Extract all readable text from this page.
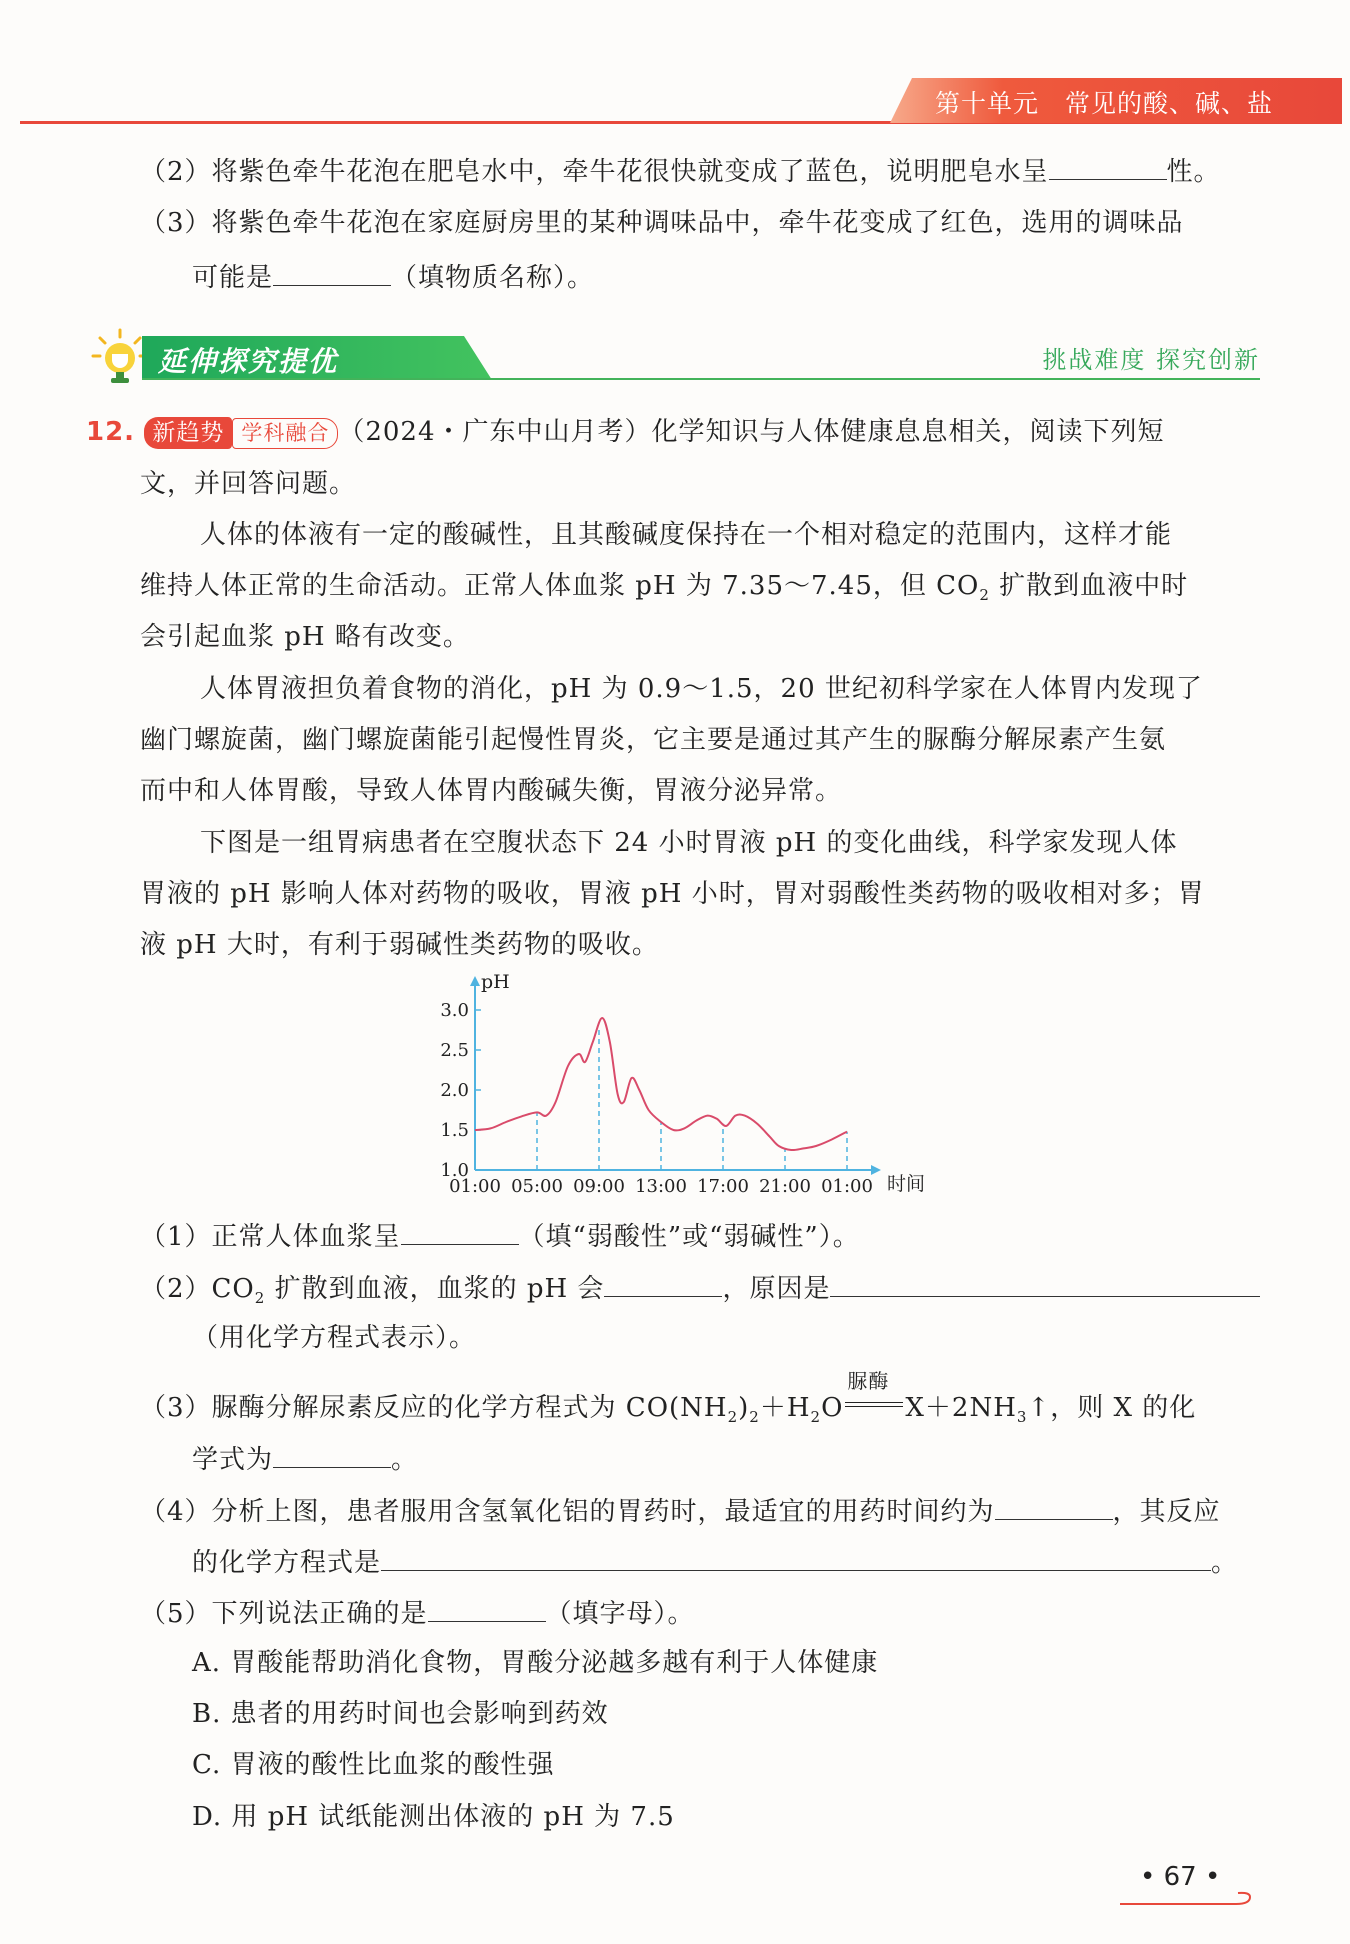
第十单元　常见的酸、碱、盐
（2）将紫色牵牛花泡在肥皂水中，牵牛花很快就变成了蓝色，说明肥皂水呈	性。
（3）将紫色牵牛花泡在家庭厨房里的某种调味品中，牵牛花变成了红色，选用的调味品
可能是	（填物质名称）。
延伸探究提优	挑战难度 探究创新
12. 新趋势 学科融合 （2024・广东中山月考）化学知识与人体健康息息相关，阅读下列短
文，并回答问题。
人体的体液有一定的酸碱性，且其酸碱度保持在一个相对稳定的范围内，这样才能
维持人体正常的生命活动。正常人体血浆 pH 为 7.35～7.45，但 $CO_2$ 扩散到血液中时
会引起血浆 pH 略有改变。
人体胃液担负着食物的消化，pH 为 0.9～1.5，20 世纪初科学家在人体胃内发现了
幽门螺旋菌，幽门螺旋菌能引起慢性胃炎，它主要是通过其产生的脲酶分解尿素产生氨
而中和人体胃酸，导致人体胃内酸碱失衡，胃液分泌异常。
下图是一组胃病患者在空腹状态下 24 小时胃液 pH 的变化曲线，科学家发现人体
胃液的 pH 影响人体对药物的吸收，胃液 pH 小时，胃对弱酸性类药物的吸收相对多；胃
液 pH 大时，有利于弱碱性类药物的吸收。
1.0
1.5
2.0
2.5
3.0
01:00 05:00 09:00 13:00 17:00 21:00 01:00
pH
时间
（1）正常人体血浆呈	（填“弱酸性”或“弱碱性”）。
$(2)CO_2$ 扩散到血液，血浆的 pH 会	，原因是
（用化学方程式表示）。
（3）脲酶分解尿素反应的化学方程式为 $CO(NH_2)_2+H_2O$
脲酶
$X+2NH_3↑$，则 X 的化
学式为	。
（4）分析上图，患者服用含氢氧化铝的胃药时，最适宜的用药时间约为	，其反应
的化学方程式是	。
（5）下列说法正确的是	（填字母）。
A. 胃酸能帮助消化食物，胃酸分泌越多越有利于人体健康
B. 患者的用药时间也会影响到药效
C. 胃液的酸性比血浆的酸性强
D. 用 pH 试纸能测出体液的 pH 为 7.5
• 67 •
